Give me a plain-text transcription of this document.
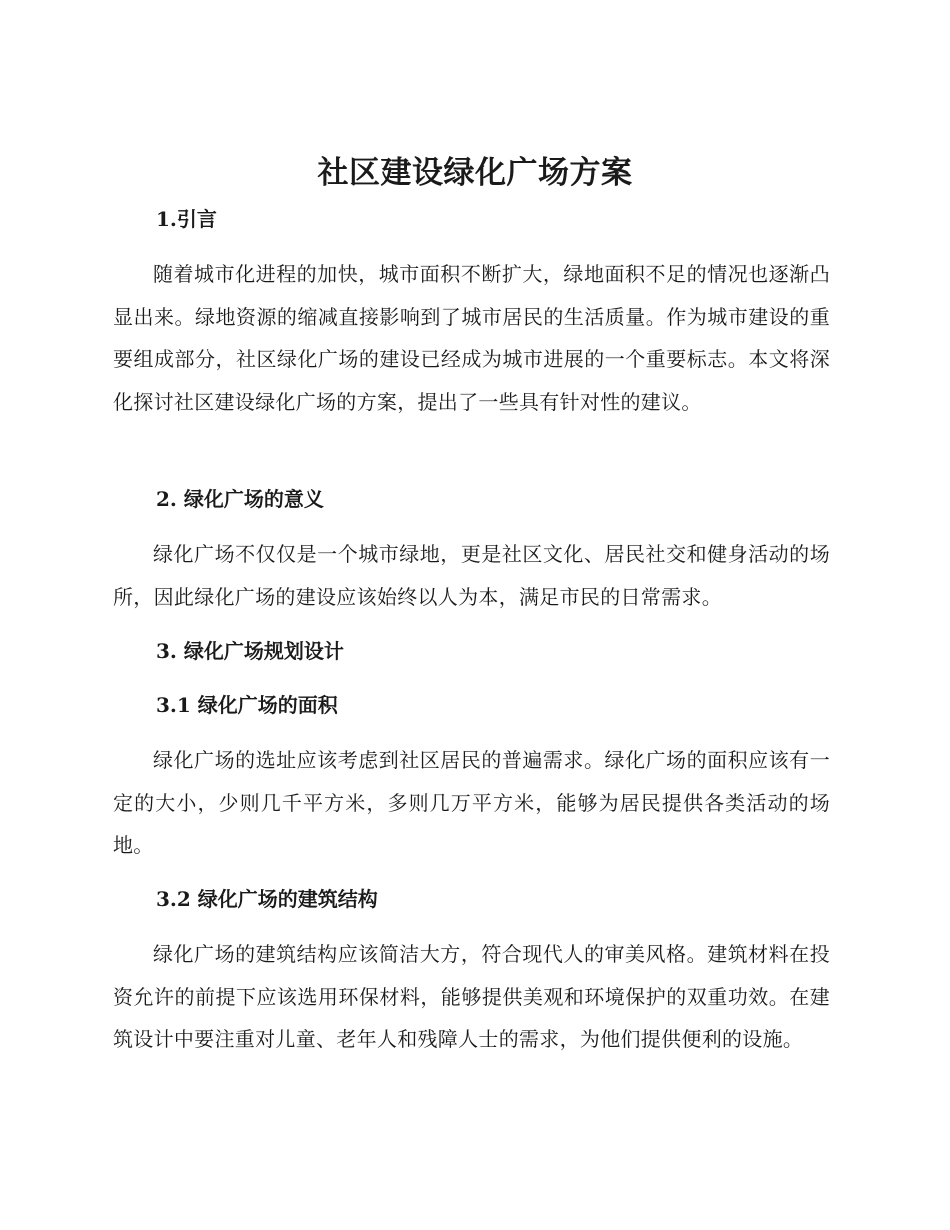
社区建设绿化广场方案
1.引言

随着城市化进程的加快，城市面积不断扩大，绿地面积不足的情况也逐渐凸显出来。绿地资源的缩减直接影响到了城市居民的生活质量。作为城市建设的重要组成部分，社区绿化广场的建设已经成为城市进展的一个重要标志。本文将深化探讨社区建设绿化广场的方案，提出了一些具有针对性的建议。

2. 绿化广场的意义

绿化广场不仅仅是一个城市绿地，更是社区文化、居民社交和健身活动的场所，因此绿化广场的建设应该始终以人为本，满足市民的日常需求。

3. 绿化广场规划设计
3.1 绿化广场的面积

绿化广场的选址应该考虑到社区居民的普遍需求。绿化广场的面积应该有一定的大小，少则几千平方米，多则几万平方米，能够为居民提供各类活动的场地。

3.2 绿化广场的建筑结构

绿化广场的建筑结构应该简洁大方，符合现代人的审美风格。建筑材料在投资允许的前提下应该选用环保材料，能够提供美观和环境保护的双重功效。在建筑设计中要注重对儿童、老年人和残障人士的需求，为他们提供便利的设施。
